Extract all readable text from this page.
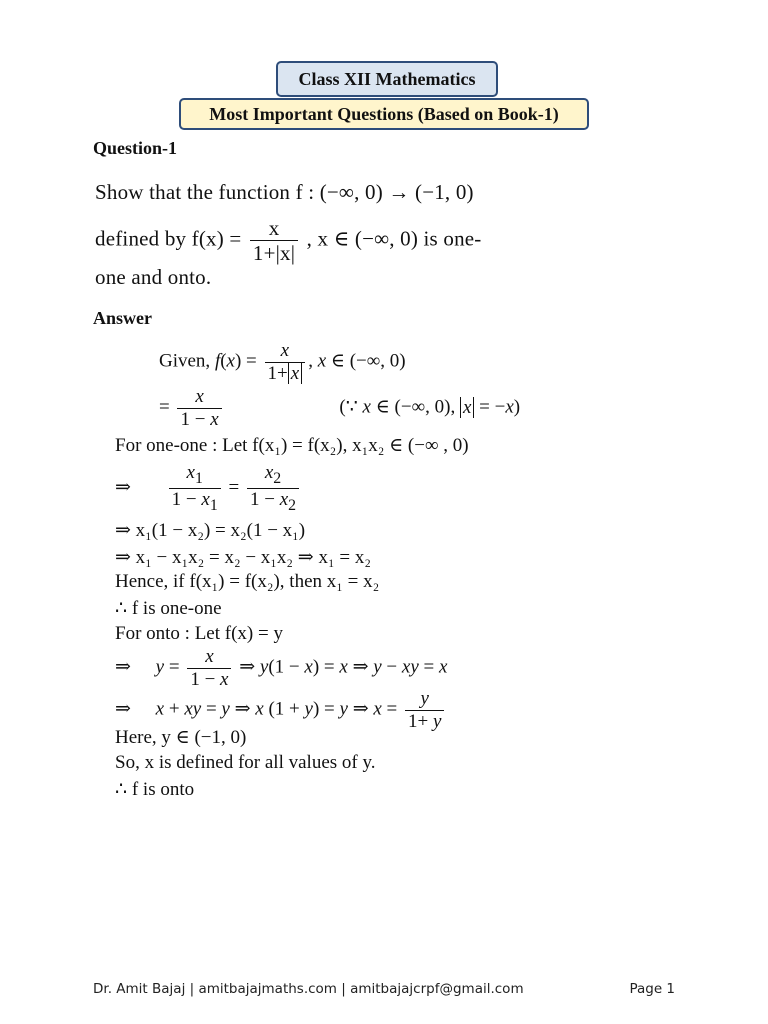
Class XII Mathematics
Most Important Questions (Based on Book-1)
Question-1
Show that the function f : (−∞, 0) → (−1, 0)
defined by $f(x) = \frac{x}{1+|x|}$ , x ∈ (−∞, 0) is one-
one and onto.
Answer
Given, $f(x) = \frac{x}{1+ x}$ , x ∈ (−∞, 0)
= $\frac{x}{1 - x}$	(∵ x ∈ (−∞, 0), x = −x)
For one-one : Let f(x₁) = f(x₂), x₁x₂ ∈ (−∞ , 0)
⇒ $\frac{x_1}{1 - x_1} = \frac{x_2}{1 - x_2}$
⇒ x₁(1 − x₂) = x₂(1 − x₁)
⇒ x₁ − x₁x₂ = x₂ − x₁x₂ ⇒ x₁ = x₂
Hence, if f(x₁) = f(x₂), then x₁ = x₂
∴ f is one-one
For onto : Let f(x) = y
⇒ $y = \frac{x}{1 - x}$ ⇒ y(1 − x) = x ⇒ y − xy = x
⇒ x + xy = y ⇒ x (1 + y) = y ⇒ $x = \frac{y}{1+ y}$
Here, y ∈ (−1, 0)
So, x is defined for all values of y.
∴ f is onto
Dr. Amit Bajaj | amitbajajmaths.com | amitbajajcrpf@gmail.com	Page 1
